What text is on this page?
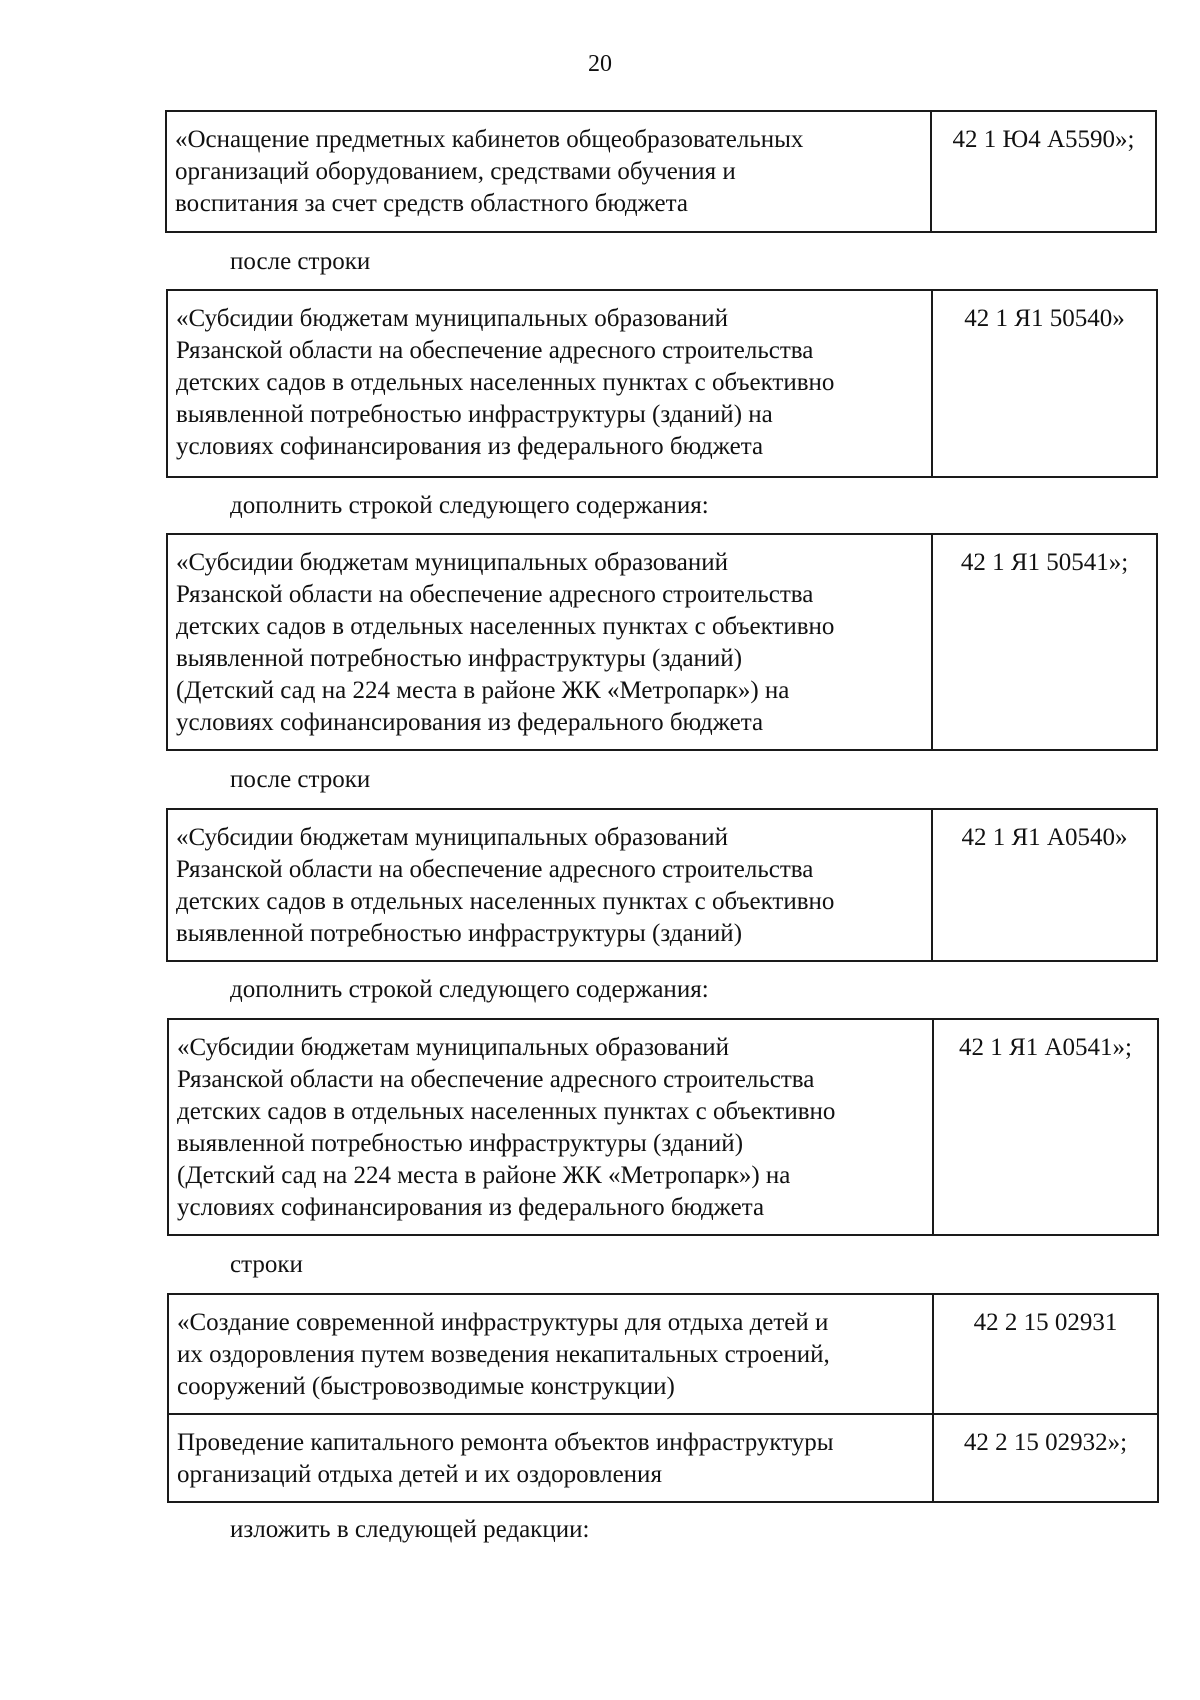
20
«Оснащение предметных кабинетов общеобразовательных
организаций оборудованием, средствами обучения и
воспитания за счет средств областного бюджета
	42 1 Ю4 А5590»;
после строки
«Субсидии бюджетам муниципальных образований
Рязанской области на обеспечение адресного строительства
детских садов в отдельных населенных пунктах с объективно
выявленной потребностью инфраструктуры (зданий) на
условиях софинансирования из федерального бюджета
	42 1 Я1 50540»
дополнить строкой следующего содержания:
«Субсидии бюджетам муниципальных образований
Рязанской области на обеспечение адресного строительства
детских садов в отдельных населенных пунктах с объективно
выявленной потребностью инфраструктуры (зданий)
(Детский сад на 224 места в районе ЖК «Метропарк») на
условиях софинансирования из федерального бюджета
	42 1 Я1 50541»;
после строки
«Субсидии бюджетам муниципальных образований
Рязанской области на обеспечение адресного строительства
детских садов в отдельных населенных пунктах с объективно
выявленной потребностью инфраструктуры (зданий)
	42 1 Я1 А0540»
дополнить строкой следующего содержания:
«Субсидии бюджетам муниципальных образований
Рязанской области на обеспечение адресного строительства
детских садов в отдельных населенных пунктах с объективно
выявленной потребностью инфраструктуры (зданий)
(Детский сад на 224 места в районе ЖК «Метропарк») на
условиях софинансирования из федерального бюджета
	42 1 Я1 А0541»;
строки
«Создание современной инфраструктуры для отдыха детей и
их оздоровления путем возведения некапитальных строений,
сооружений (быстровозводимые конструкции)	42 2 15 02931

Проведение капитального ремонта объектов инфраструктуры
организаций отдыха детей и их оздоровления	42 2 15 02932»;
изложить в следующей редакции:
